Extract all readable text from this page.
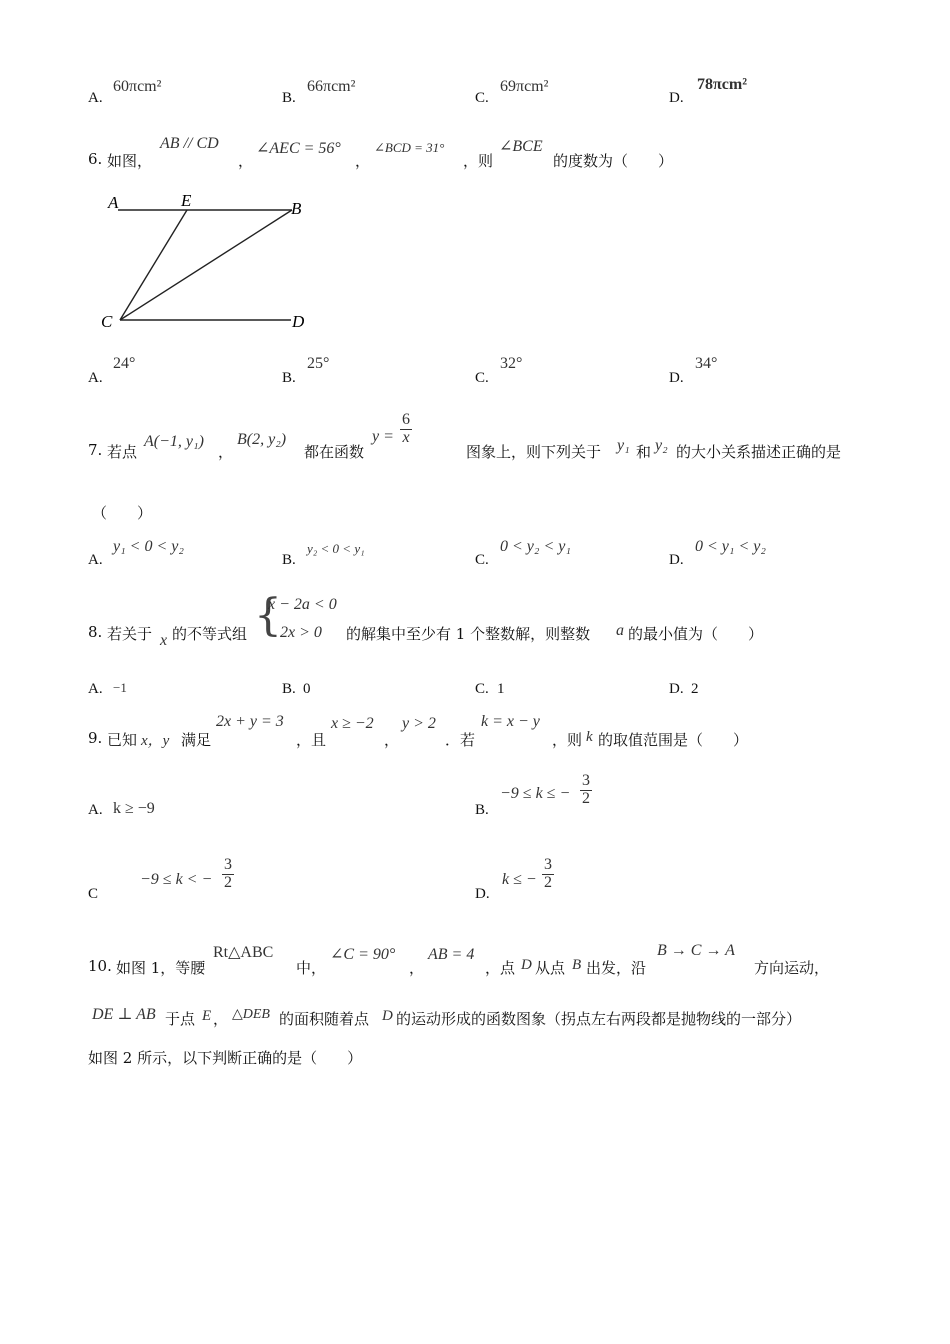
A.
60πcm²
B.
66πcm²
C.
69πcm²
D.
78πcm²
6. 如图，
AB // CD
，
∠AEC = 56°
，
∠BCD = 31°
，则
∠BCE
的度数为（　　）
A	E	B
C	D
A.
24°
B.
25°
C.
32°
D.
34°
7. 若点
A(−1, y₁)
，
B(2, y₂)
都在函数
$y = \frac{6}{x}$
图象上，则下列关于 y₁ 和 y₂ 的大小关系描述正确的是
（　　）
A.
y₁ < 0 < y₂
B.
y₂ < 0 < y₁
C.
0 < y₂ < y₁
D.
0 < y₁ < y₂
8. 若关于 x 的不等式组 {
x − 2a < 0
2x > 0 的解集中至少有 1 个整数解，则整数 a 的最小值为（　　）
A. −1	B. 0	C. 1	D. 2
9. 已知 x，y 满足
2x + y = 3
，且
x ≥ −2
，
y > 2
．若
k = x − y
，则 k 的取值范围是（　　）
A. k ≥ −9	B.
−9 ≤ k ≤ − $\frac{3}{2}$
C
−9 ≤ k < − $\frac{3}{2}$
D.
k ≤ − $\frac{3}{2}$
10. 如图 1，等腰
Rt△ABC
中，
∠C = 90°
，
AB = 4
，点 D 从点 B 出发，沿
B → C → A
方向运动，
DE ⊥ AB 于点 E ， △DEB 的面积随着点 D 的运动形成的函数图象（拐点左右两段都是抛物线的一部分）
如图 2 所示，以下判断正确的是（　　）
